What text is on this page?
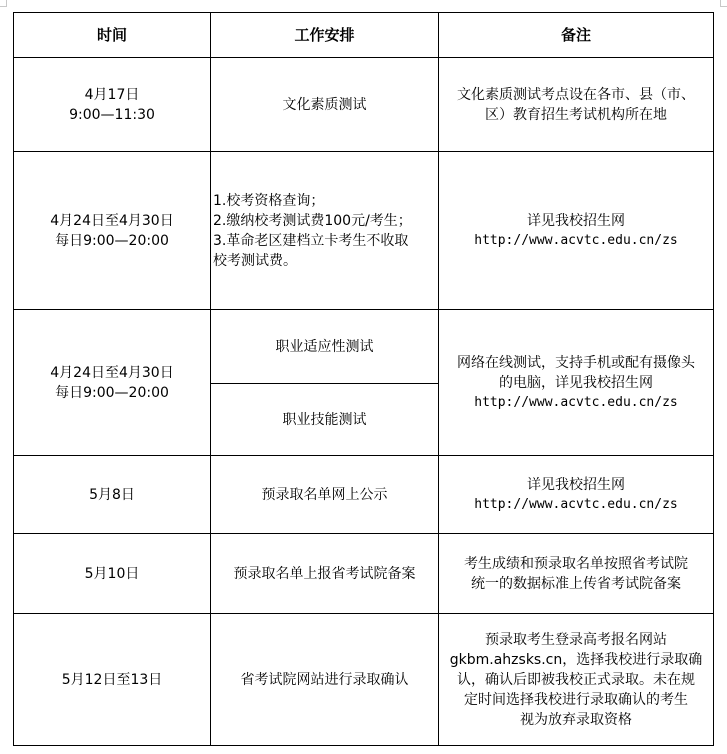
时间	工作安排	备注

4月17日
9:00—11:30	文化素质测试	文化素质测试考点设在各市、县（市、
区）教育招生考试机构所在地

4月24日至4月30日
每日9:00—20:00	1.校考资格查询；
2.缴纳校考测试费100元/考生；
3.革命老区建档立卡考生不收取
校考测试费。	详见我校招生网
http://www.acvtc.edu.cn/zs

4月24日至4月30日
每日9:00—20:00	职业适应性测试	网络在线测试，支持手机或配有摄像头
的电脑，详见我校招生网
http://www.acvtc.edu.cn/zs

	职业技能测试	

5月8日	预录取名单网上公示	详见我校招生网
http://www.acvtc.edu.cn/zs

5月10日	预录取名单上报省考试院备案	考生成绩和预录取名单按照省考试院
统一的数据标准上传省考试院备案

5月12日至13日	省考试院网站进行录取确认	预录取考生登录高考报名网站
gkbm.ahzsks.cn，选择我校进行录取确
认，确认后即被我校正式录取。未在规
定时间选择我校进行录取确认的考生
视为放弃录取资格
